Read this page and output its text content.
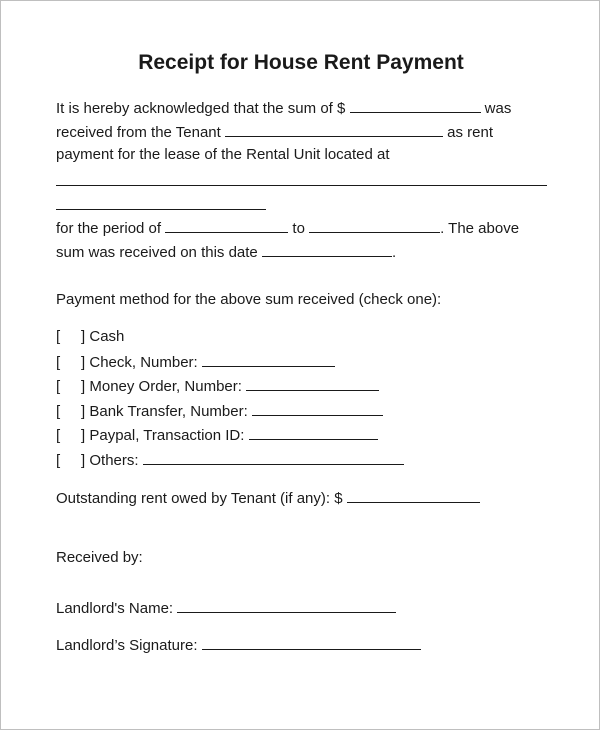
Receipt for House Rent Payment
It is hereby acknowledged that the sum of $	was
received from the Tenant	as rent
payment for the lease of the Rental Unit located at
for the period of	to	. The above
sum was received on this date	.
Payment method for the above sum received (check one):
[     ] Cash
[     ] Check, Number:
[     ] Money Order, Number:
[     ] Bank Transfer, Number:
[     ] Paypal, Transaction ID:
[     ] Others:
Outstanding rent owed by Tenant (if any): $
Received by:
Landlord's Name:
Landlord’s Signature:
